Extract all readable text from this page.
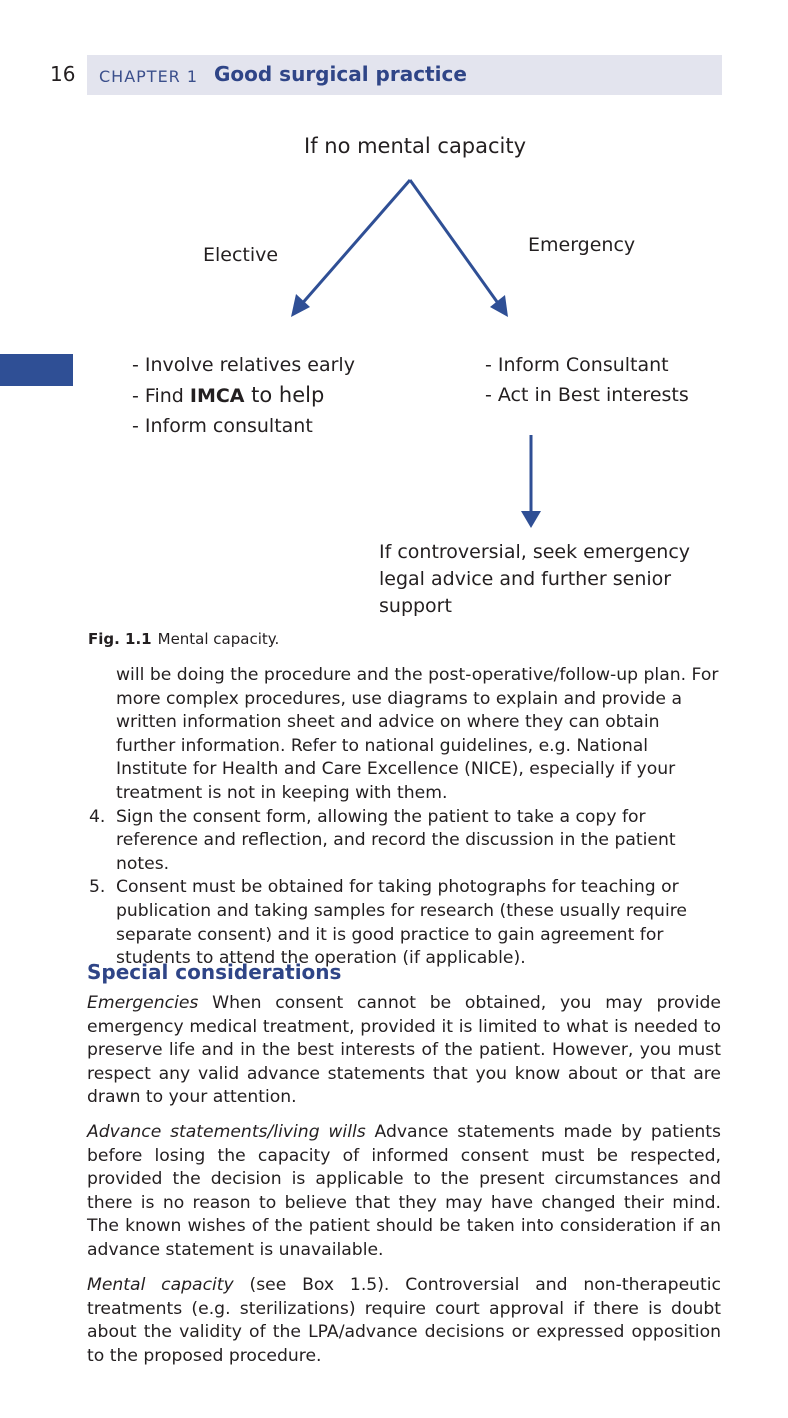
16 CHAPTER 1 Good surgical practice
If no mental capacity
Elective	Emergency
- Involve relatives early
- Find IMCA to help
- Inform consultant
- Inform Consultant
- Act in Best interests
If controversial, seek emergency legal advice and further senior support
Fig. 1.1 Mental capacity.
will be doing the procedure and the post-operative/follow-up plan. For more complex procedures, use diagrams to explain and provide a written information sheet and advice on where they can obtain further information. Refer to national guidelines, e.g. National Institute for Health and Care Excellence (NICE), especially if your treatment is not in keeping with them.
4. Sign the consent form, allowing the patient to take a copy for reference and reflection, and record the discussion in the patient notes.
5. Consent must be obtained for taking photographs for teaching or publication and taking samples for research (these usually require separate consent) and it is good practice to gain agreement for students to attend the operation (if applicable).
Special considerations
Emergencies When consent cannot be obtained, you may provide emergency medical treatment, provided it is limited to what is needed to preserve life and in the best interests of the patient. However, you must respect any valid advance statements that you know about or that are drawn to your attention.
Advance statements/living wills Advance statements made by patients before losing the capacity of informed consent must be respected, provided the decision is applicable to the present circumstances and there is no reason to believe that they may have changed their mind. The known wishes of the patient should be taken into consideration if an advance statement is unavailable.
Mental capacity (see Box 1.5). Controversial and non-therapeutic treatments (e.g. sterilizations) require court approval if there is doubt about the validity of the LPA/advance decisions or expressed opposition to the proposed procedure.
